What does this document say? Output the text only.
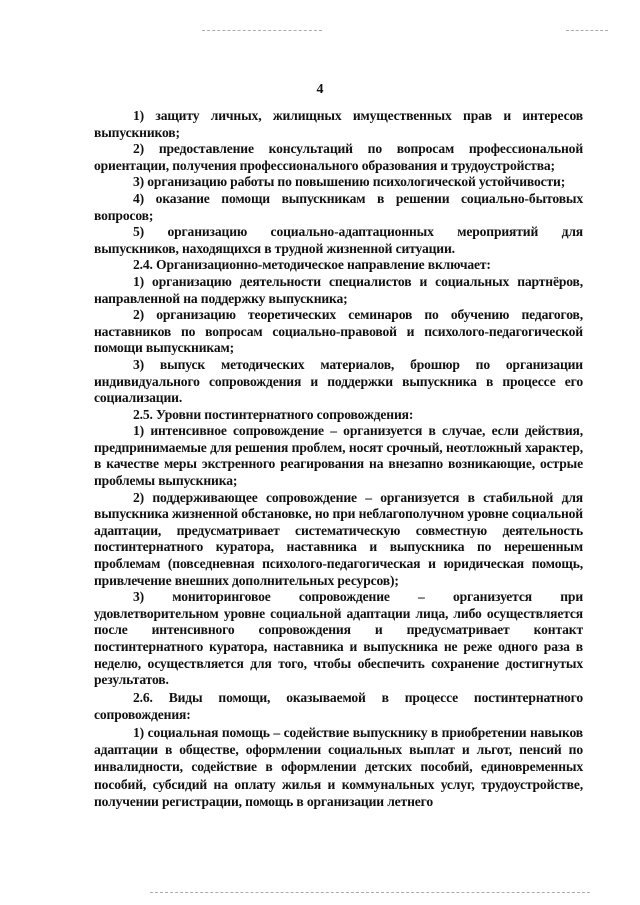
4

1) защиту личных, жилищных имущественных прав и интересов выпускников;

2) предоставление консультаций по вопросам профессиональной ориентации, получения профессионального образования и трудоустройства;

3) организацию работы по повышению психологической устойчивости;

4) оказание помощи выпускникам в решении социально-бытовых вопросов;

5) организацию социально-адаптационных мероприятий для выпускников, находящихся в трудной жизненной ситуации.

2.4. Организационно-методическое направление включает:

1) организацию деятельности специалистов и социальных партнёров, направленной на поддержку выпускника;

2) организацию теоретических семинаров по обучению педагогов, наставников по вопросам социально-правовой и психолого-педагогической помощи выпускникам;

3) выпуск методических материалов, брошюр по организации индивидуального сопровождения и поддержки выпускника в процессе его социализации.

2.5. Уровни постинтернатного сопровождения:

1) интенсивное сопровождение – организуется в случае, если действия, предпринимаемые для решения проблем, носят срочный, неотложный характер, в качестве меры экстренного реагирования на внезапно возникающие, острые проблемы выпускника;

2) поддерживающее сопровождение – организуется в стабильной для выпускника жизненной обстановке, но при неблагополучном уровне социальной адаптации, предусматривает систематическую совместную деятельность постинтернатного куратора, наставника и выпускника по нерешенным проблемам (повседневная психолого-педагогическая и юридическая помощь, привлечение внешних дополнительных ресурсов);

3) мониторинговое сопровождение – организуется при удовлетворительном уровне социальной адаптации лица, либо осуществляется после интенсивного сопровождения и предусматривает контакт постинтернатного куратора, наставника и выпускника не реже одного раза в неделю, осуществляется для того, чтобы обеспечить сохранение достигнутых результатов.

2.6. Виды помощи, оказываемой в процессе постинтернатного сопровождения:

1) социальная помощь – содействие выпускнику в приобретении навыков адаптации в обществе, оформлении социальных выплат и льгот, пенсий по инвалидности, содействие в оформлении детских пособий, единовременных пособий, субсидий на оплату жилья и коммунальных услуг, трудоустройстве, получении регистрации, помощь в организации летнего
